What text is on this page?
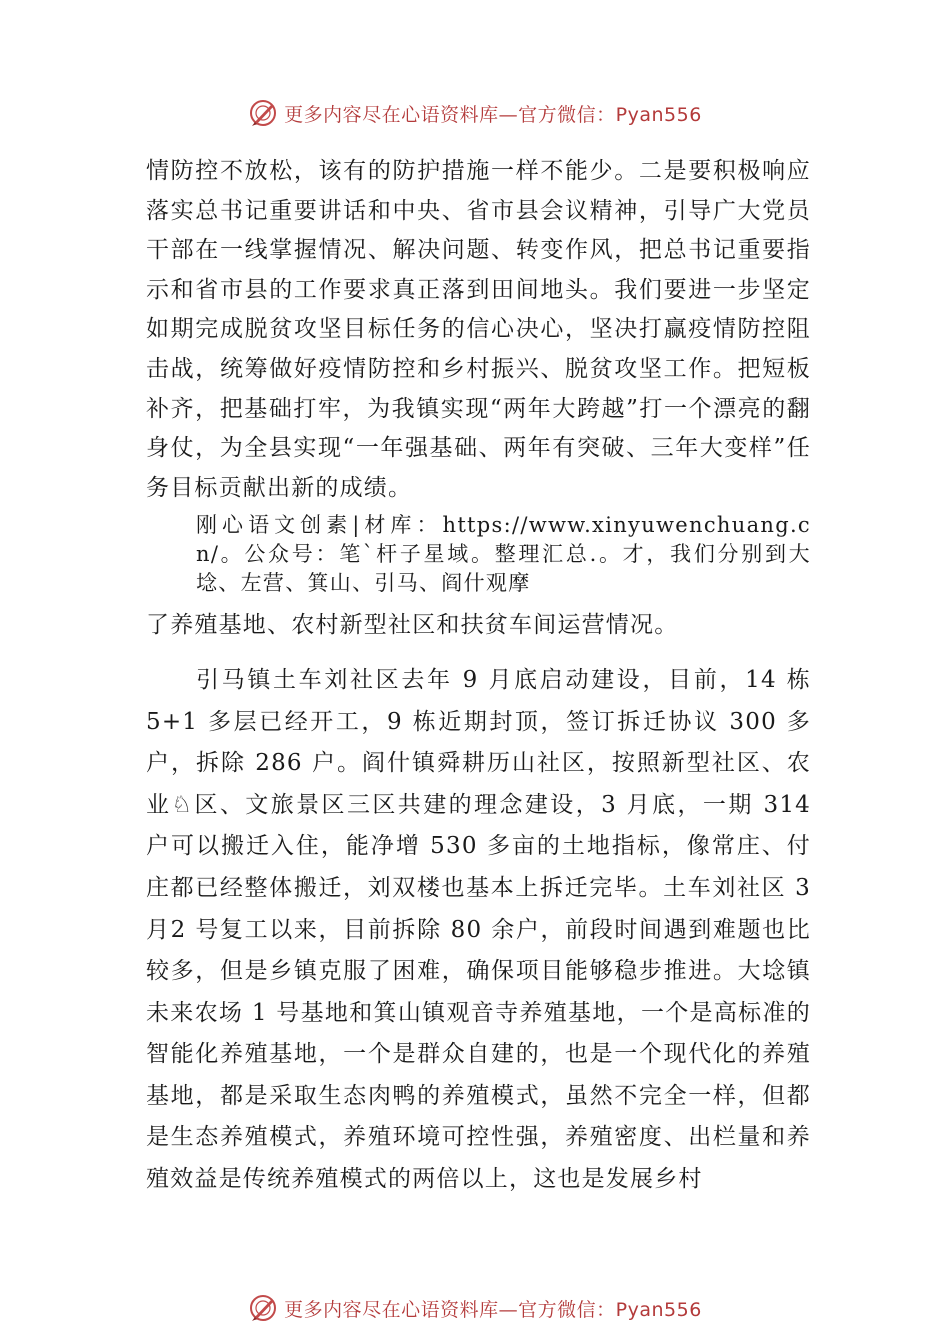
更多内容尽在心语资料库—官方微信：Pyan556

情防控不放松，该有的防护措施一样不能少。二是要积极响应落实总书记重要讲话和中央、省市县会议精神，引导广大党员干部在一线掌握情况、解决问题、转变作风，把总书记重要指示和省市县的工作要求真正落到田间地头。我们要进一步坚定如期完成脱贫攻坚目标任务的信心决心，坚决打赢疫情防控阻击战，统筹做好疫情防控和乡村振兴、脱贫攻坚工作。把短板补齐，把基础打牢，为我镇实现“两年大跨越”打一个漂亮的翻身仗，为全县实现“一年强基础、两年有突破、三年大变样”任务目标贡献出新的成绩。

刚心语文创素|材库：https://www.xinyuwenchuang.cn/。公众号：笔`杆子星域。整理汇总.。才，我们分别到大埝、左营、箕山、引马、阎什观摩

了养殖基地、农村新型社区和扶贫车间运营情况。

引马镇土车刘社区去年 9 月底启动建设，目前，14 栋5+1 多层已经开工，9 栋近期封顶，签订拆迁协议 300 多户，拆除 286 户。阎什镇舜耕历山社区，按照新型社区、农业♘区、文旅景区三区共建的理念建设，3 月底，一期 314 户可以搬迁入住，能净增 530 多亩的土地指标，像常庄、付庄都已经整体搬迁，刘双楼也基本上拆迁完毕。土车刘社区 3 月2 号复工以来，目前拆除 80 余户，前段时间遇到难题也比较多，但是乡镇克服了困难，确保项目能够稳步推进。大埝镇未来农场 1 号基地和箕山镇观音寺养殖基地，一个是高标准的智能化养殖基地，一个是群众自建的，也是一个现代化的养殖基地，都是采取生态肉鸭的养殖模式，虽然不完全一样，但都是生态养殖模式，养殖环境可控性强，养殖密度、出栏量和养殖效益是传统养殖模式的两倍以上，这也是发展乡村

更多内容尽在心语资料库—官方微信：Pyan556
